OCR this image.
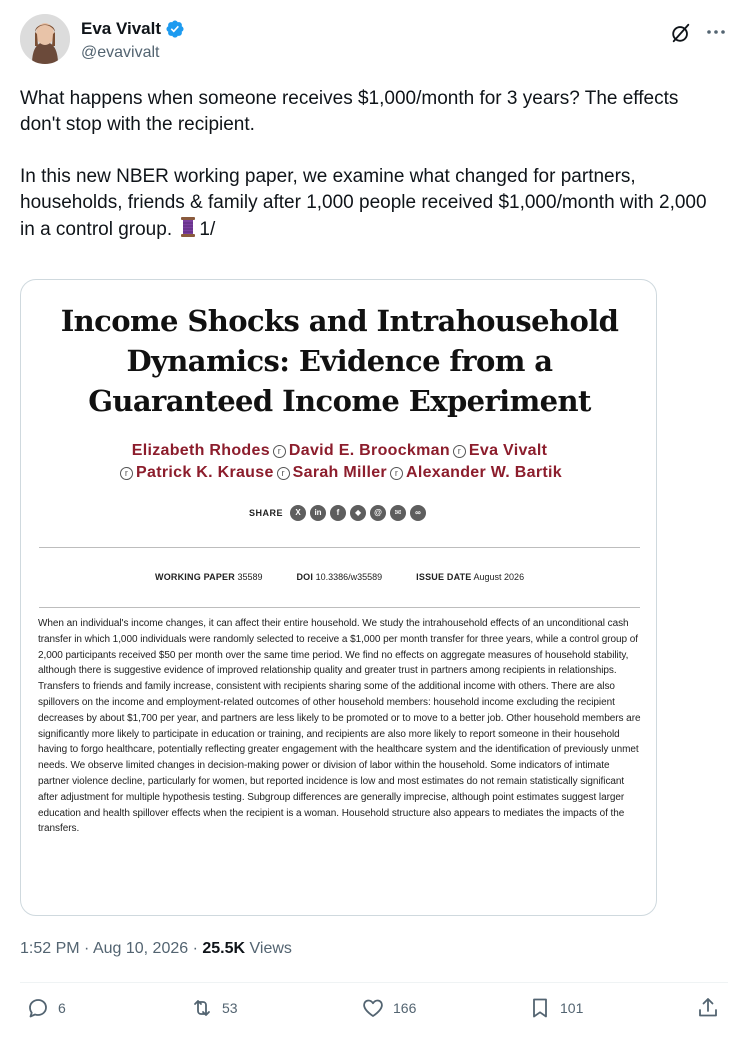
Eva Vivalt
@evavivalt

What happens when someone receives $1,000/month for 3 years? The effects don't stop with the recipient.

In this new NBER working paper, we examine what changed for partners, households, friends & family after 1,000 people received $1,000/month with 2,000 in a control group. 1/

Income Shocks and Intrahousehold
Dynamics: Evidence from a
Guaranteed Income Experiment
Elizabeth Rhodes r David E. Broockman r Eva Vivalt
r Patrick K. Krause r Sarah Miller r Alexander W. Bartik
SHARE	X	in	f	◆	@	✉	∞
WORKING PAPER 35589	DOI 10.3386/w35589	ISSUE DATE August 2026
When an individual's income changes, it can affect their entire household. We study the intrahousehold effects of an unconditional cash transfer in which 1,000 individuals were randomly selected to receive a $1,000 per month transfer for three years, while a control group of 2,000 participants received $50 per month over the same time period. We find no effects on aggregate measures of household stability, although there is suggestive evidence of improved relationship quality and greater trust in partners among recipients in relationships. Transfers to friends and family increase, consistent with recipients sharing some of the additional income with others. There are also spillovers on the income and employment-related outcomes of other household members: household income excluding the recipient decreases by about $1,700 per year, and partners are less likely to be promoted or to move to a better job. Other household members are significantly more likely to participate in education or training, and recipients are also more likely to report someone in their household having to forgo healthcare, potentially reflecting greater engagement with the healthcare system and the identification of previously unmet needs. We observe limited changes in decision-making power or division of labor within the household. Some indicators of intimate partner violence decline, particularly for women, but reported incidence is low and most estimates do not remain statistically significant after adjustment for multiple hypothesis testing. Subgroup differences are generally imprecise, although point estimates suggest larger education and health spillover effects when the recipient is a woman. Household structure also appears to mediates the impacts of the transfers.
1:52 PM · Aug 10, 2026 · 25.5K Views
6	53	166	101
